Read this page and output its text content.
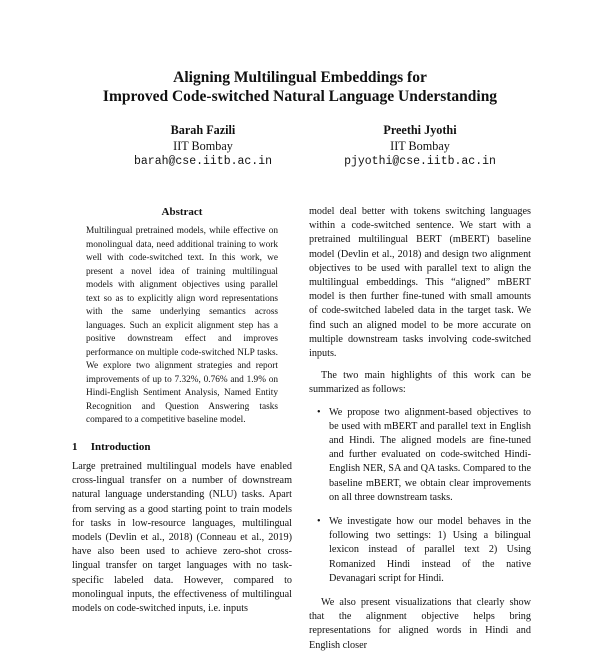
Aligning Multilingual Embeddings for
Improved Code-switched Natural Language Understanding
Barah Fazili
IIT Bombay
barah@cse.iitb.ac.in
Preethi Jyothi
IIT Bombay
pjyothi@cse.iitb.ac.in
Abstract

Multilingual pretrained models, while effective on monolingual data, need additional training to work well with code-switched text. In this work, we present a novel idea of training multilingual models with alignment objectives using parallel text so as to explicitly align word representations with the same underlying semantics across languages. Such an explicit alignment step has a positive downstream effect and improves performance on multiple code-switched NLP tasks. We explore two alignment strategies and report improvements of up to 7.32%, 0.76% and 1.9% on Hindi-English Sentiment Analysis, Named Entity Recognition and Question Answering tasks compared to a competitive baseline model.

1 Introduction

Large pretrained multilingual models have enabled cross-lingual transfer on a number of downstream natural language understanding (NLU) tasks. Apart from serving as a good starting point to train models for tasks in low-resource languages, multilingual models (Devlin et al., 2018) (Conneau et al., 2019) have also been used to achieve zero-shot cross-lingual transfer on target languages with no task-specific labeled data. However, compared to monolingual inputs, the effectiveness of multilingual models on code-switched inputs, i.e. inputs

model deal better with tokens switching languages within a code-switched sentence. We start with a pretrained multilingual BERT (mBERT) baseline model (Devlin et al., 2018) and design two alignment objectives to be used with parallel text to align the multilingual embeddings. This “aligned” mBERT model is then further fine-tuned with small amounts of code-switched labeled data in the target task. We find such an aligned model to be more accurate on multiple downstream tasks involving code-switched inputs.

The two main highlights of this work can be summarized as follows:

• We propose two alignment-based objectives to be used with mBERT and parallel text in English and Hindi. The aligned models are fine-tuned and further evaluated on code-switched Hindi-English NER, SA and QA tasks. Compared to the baseline mBERT, we obtain clear improvements on all three downstream tasks.
• We investigate how our model behaves in the following two settings: 1) Using a bilingual lexicon instead of parallel text 2) Using Romanized Hindi instead of the native Devanagari script for Hindi.

We also present visualizations that clearly show that the alignment objective helps bring representations for aligned words in Hindi and English closer
